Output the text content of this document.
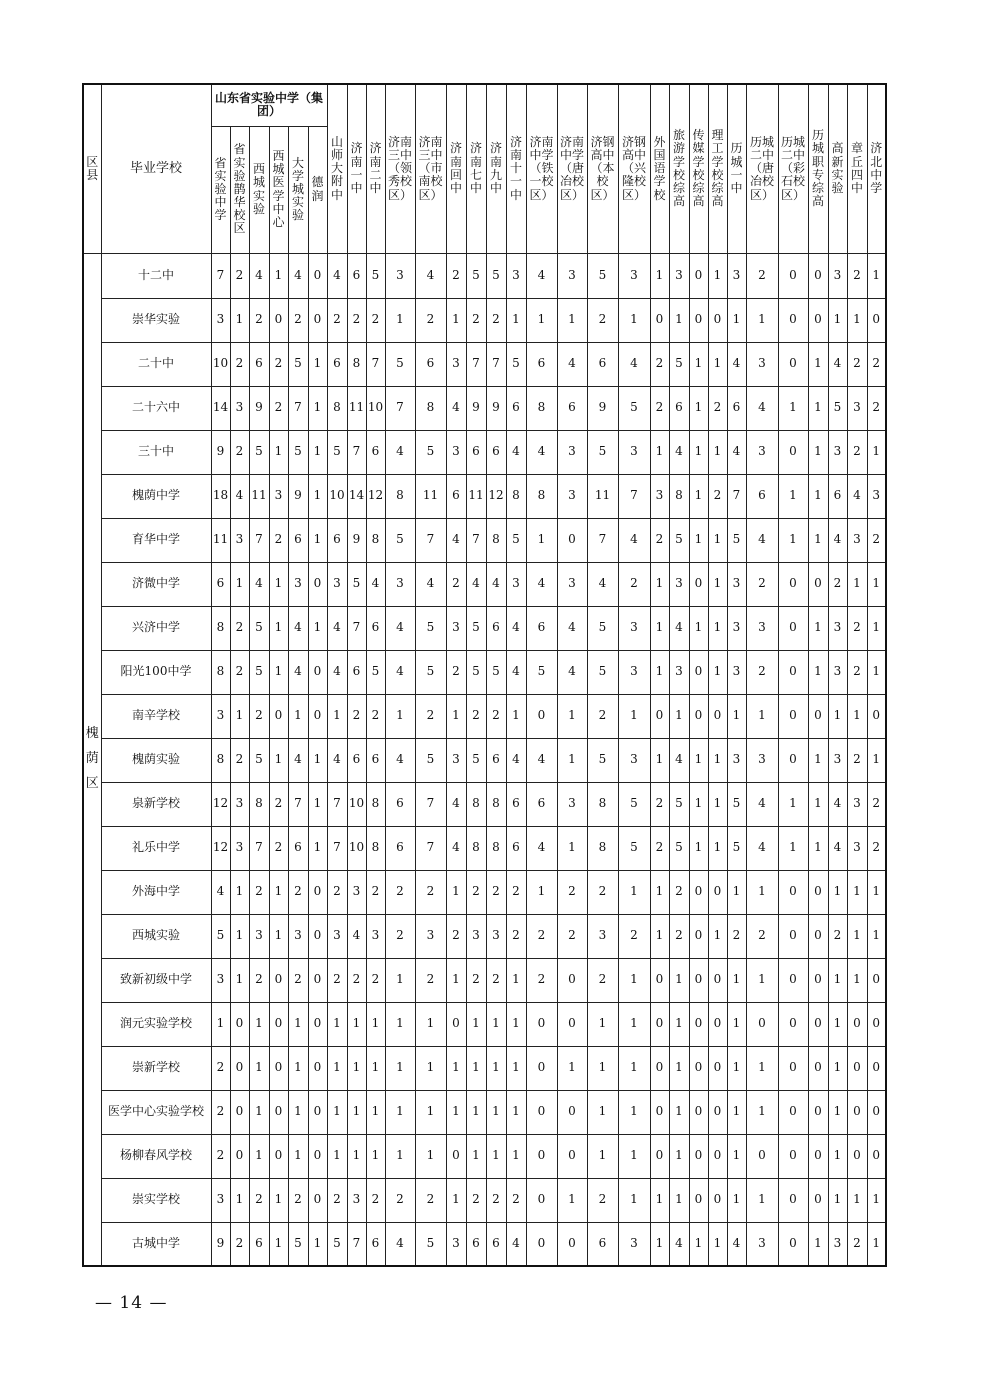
区县	毕业学校	山东省实验中学（集团）						山师大附中	济南一中	济南二中	济南三中（领秀校区）	济南三中（市南校区）	济南回中	济南七中	济南九中	济南十一中	济南中学（铁一校区）	济南中学（唐冶校区）	济钢高中（本校区）	济钢高中（兴隆校区）	外国语学校	旅游学校综高	传媒学校综高	理工学校综高	历城一中	历城二中（唐冶校区）	历城二中（彩石校区）	历城职专综高	高新实验	章丘四中	济北中学
		省实验中学	省实验鹊华校区	西城实验	西城医学中心	大学城实验	德润																								
槐荫区	十二中	7	2	4	1	4	0	4	6	5	3	4	2	5	5	3	4	3	5	3	1	3	0	1	3	2	0	0	3	2	1
	崇华实验	3	1	2	0	2	0	2	2	2	1	2	1	2	2	1	1	1	2	1	0	1	0	0	1	1	0	0	1	1	0
	二十中	10	2	6	2	5	1	6	8	7	5	6	3	7	7	5	6	4	6	4	2	5	1	1	4	3	0	1	4	2	2
	二十六中	14	3	9	2	7	1	8	11	10	7	8	4	9	9	6	8	6	9	5	2	6	1	2	6	4	1	1	5	3	2
	三十中	9	2	5	1	5	1	5	7	6	4	5	3	6	6	4	4	3	5	3	1	4	1	1	4	3	0	1	3	2	1
	槐荫中学	18	4	11	3	9	1	10	14	12	8	11	6	11	12	8	8	3	11	7	3	8	1	2	7	6	1	1	6	4	3
	育华中学	11	3	7	2	6	1	6	9	8	5	7	4	7	8	5	1	0	7	4	2	5	1	1	5	4	1	1	4	3	2
	济微中学	6	1	4	1	3	0	3	5	4	3	4	2	4	4	3	4	3	4	2	1	3	0	1	3	2	0	0	2	1	1
	兴济中学	8	2	5	1	4	1	4	7	6	4	5	3	5	6	4	6	4	5	3	1	4	1	1	3	3	0	1	3	2	1
	阳光100中学	8	2	5	1	4	0	4	6	5	4	5	2	5	5	4	5	4	5	3	1	3	0	1	3	2	0	1	3	2	1
	南辛学校	3	1	2	0	1	0	1	2	2	1	2	1	2	2	1	0	1	2	1	0	1	0	0	1	1	0	0	1	1	0
	槐荫实验	8	2	5	1	4	1	4	6	6	4	5	3	5	6	4	4	1	5	3	1	4	1	1	3	3	0	1	3	2	1
	泉新学校	12	3	8	2	7	1	7	10	8	6	7	4	8	8	6	6	3	8	5	2	5	1	1	5	4	1	1	4	3	2
	礼乐中学	12	3	7	2	6	1	7	10	8	6	7	4	8	8	6	4	1	8	5	2	5	1	1	5	4	1	1	4	3	2
	外海中学	4	1	2	1	2	0	2	3	2	2	2	1	2	2	2	1	2	2	1	1	2	0	0	1	1	0	0	1	1	1
	西城实验	5	1	3	1	3	0	3	4	3	2	3	2	3	3	2	2	2	3	2	1	2	0	1	2	2	0	0	2	1	1
	致新初级中学	3	1	2	0	2	0	2	2	2	1	2	1	2	2	1	2	0	2	1	0	1	0	0	1	1	0	0	1	1	0
	润元实验学校	1	0	1	0	1	0	1	1	1	1	1	0	1	1	1	0	0	1	1	0	1	0	0	1	0	0	0	1	0	0
	崇新学校	2	0	1	0	1	0	1	1	1	1	1	1	1	1	1	0	1	1	1	0	1	0	0	1	1	0	0	1	0	0
	医学中心实验学校	2	0	1	0	1	0	1	1	1	1	1	1	1	1	1	0	0	1	1	0	1	0	0	1	1	0	0	1	0	0
	杨柳春风学校	2	0	1	0	1	0	1	1	1	1	1	0	1	1	1	0	0	1	1	0	1	0	0	1	0	0	0	1	0	0
	崇实学校	3	1	2	1	2	0	2	3	2	2	2	1	2	2	2	0	1	2	1	1	1	0	0	1	1	0	0	1	1	1
	古城中学	9	2	6	1	5	1	5	7	6	4	5	3	6	6	4	0	0	6	3	1	4	1	1	4	3	0	1	3	2	1
— 14 —
